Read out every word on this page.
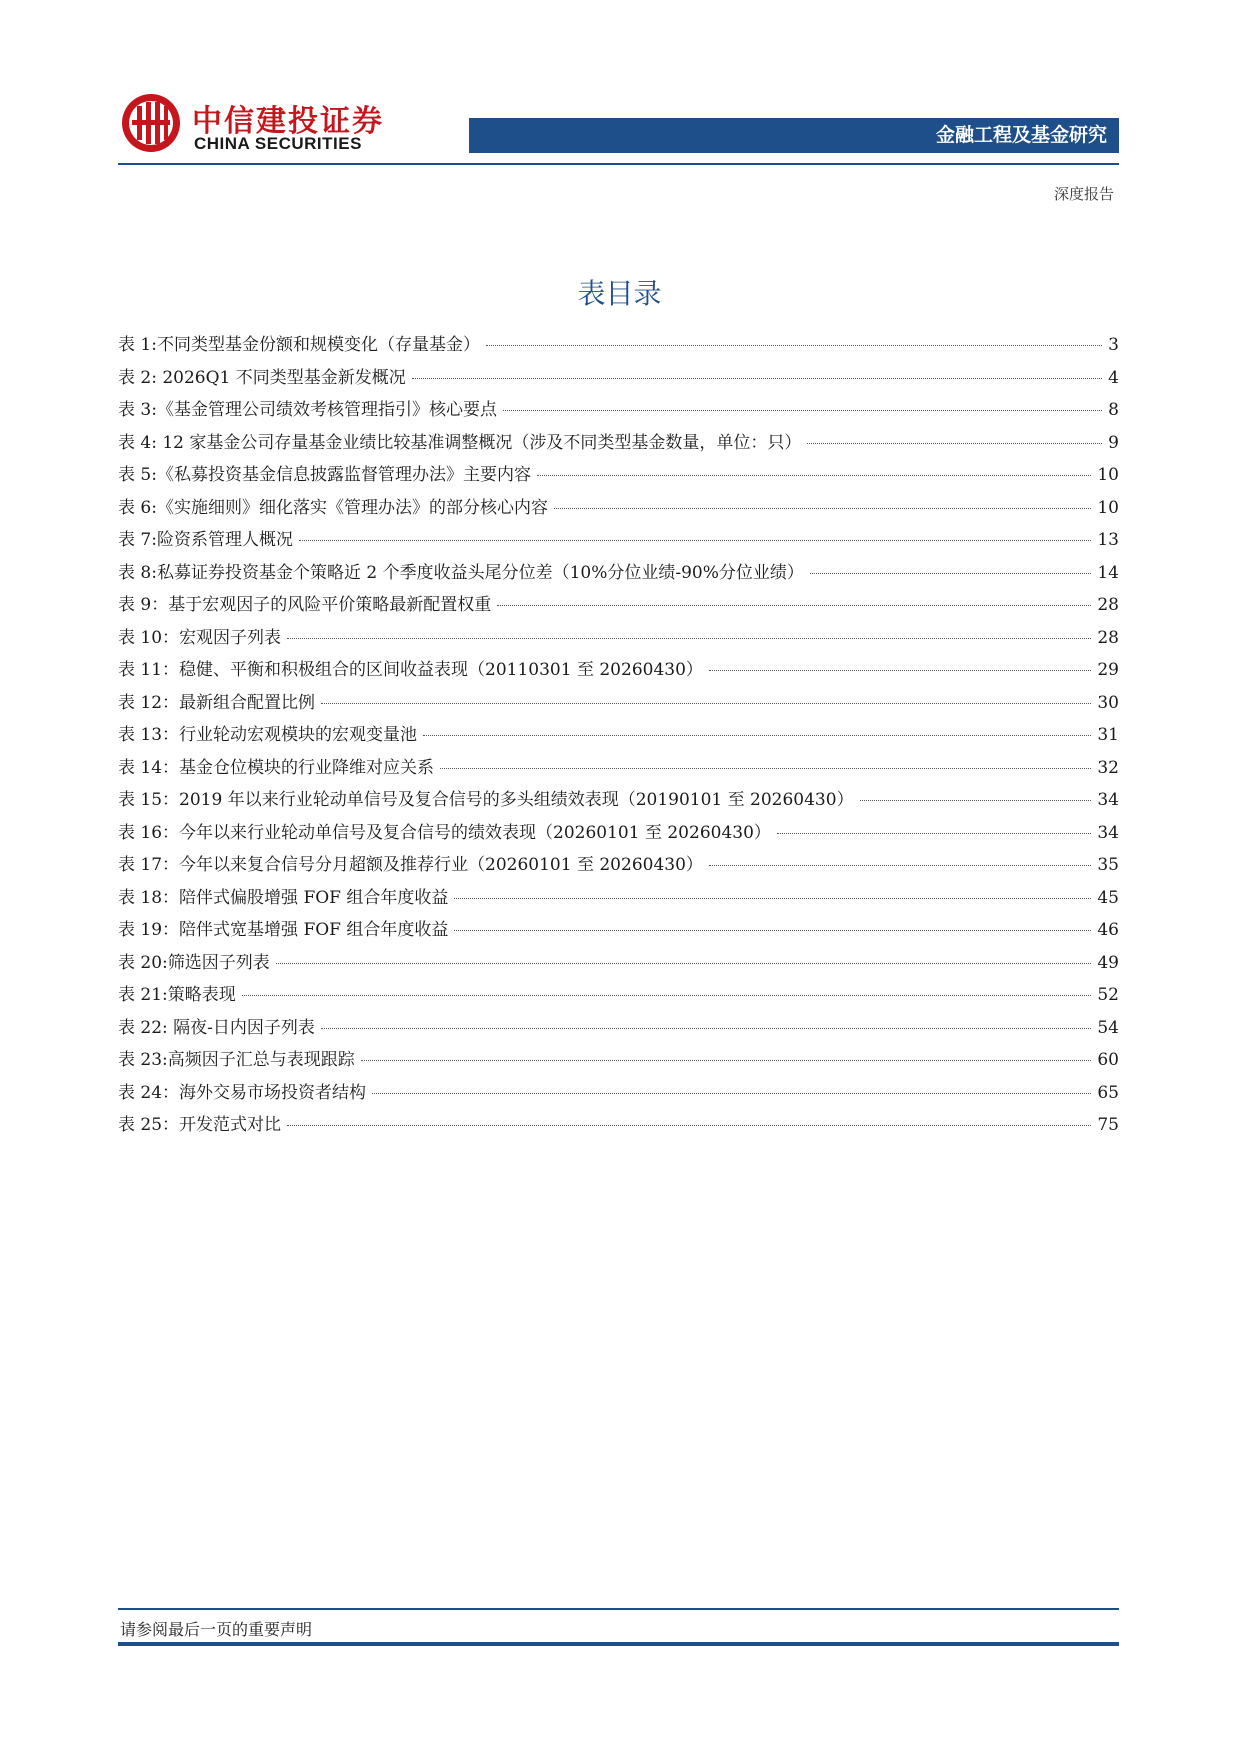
中信建投证券
CHINA SECURITIES	金融工程及基金研究
深度报告
表目录
表 1:不同类型基金份额和规模变化（存量基金）	3
表 2: 2026Q1 不同类型基金新发概况	4
表 3:《基金管理公司绩效考核管理指引》核心要点	8
表 4: 12 家基金公司存量基金业绩比较基准调整概况（涉及不同类型基金数量，单位：只）	9
表 5:《私募投资基金信息披露监督管理办法》主要内容	10
表 6:《实施细则》细化落实《管理办法》的部分核心内容	10
表 7:险资系管理人概况	13
表 8:私募证券投资基金个策略近 2 个季度收益头尾分位差（10%分位业绩-90%分位业绩）	14
表 9：基于宏观因子的风险平价策略最新配置权重	28
表 10：宏观因子列表	28
表 11：稳健、平衡和积极组合的区间收益表现（20110301 至 20260430）	29
表 12：最新组合配置比例	30
表 13：行业轮动宏观模块的宏观变量池	31
表 14：基金仓位模块的行业降维对应关系	32
表 15：2019 年以来行业轮动单信号及复合信号的多头组绩效表现（20190101 至 20260430）	34
表 16：今年以来行业轮动单信号及复合信号的绩效表现（20260101 至 20260430）	34
表 17：今年以来复合信号分月超额及推荐行业（20260101 至 20260430）	35
表 18：陪伴式偏股增强 FOF 组合年度收益	45
表 19：陪伴式宽基增强 FOF 组合年度收益	46
表 20:筛选因子列表	49
表 21:策略表现	52
表 22: 隔夜-日内因子列表	54
表 23:高频因子汇总与表现跟踪	60
表 24：海外交易市场投资者结构	65
表 25：开发范式对比	75
请参阅最后一页的重要声明
